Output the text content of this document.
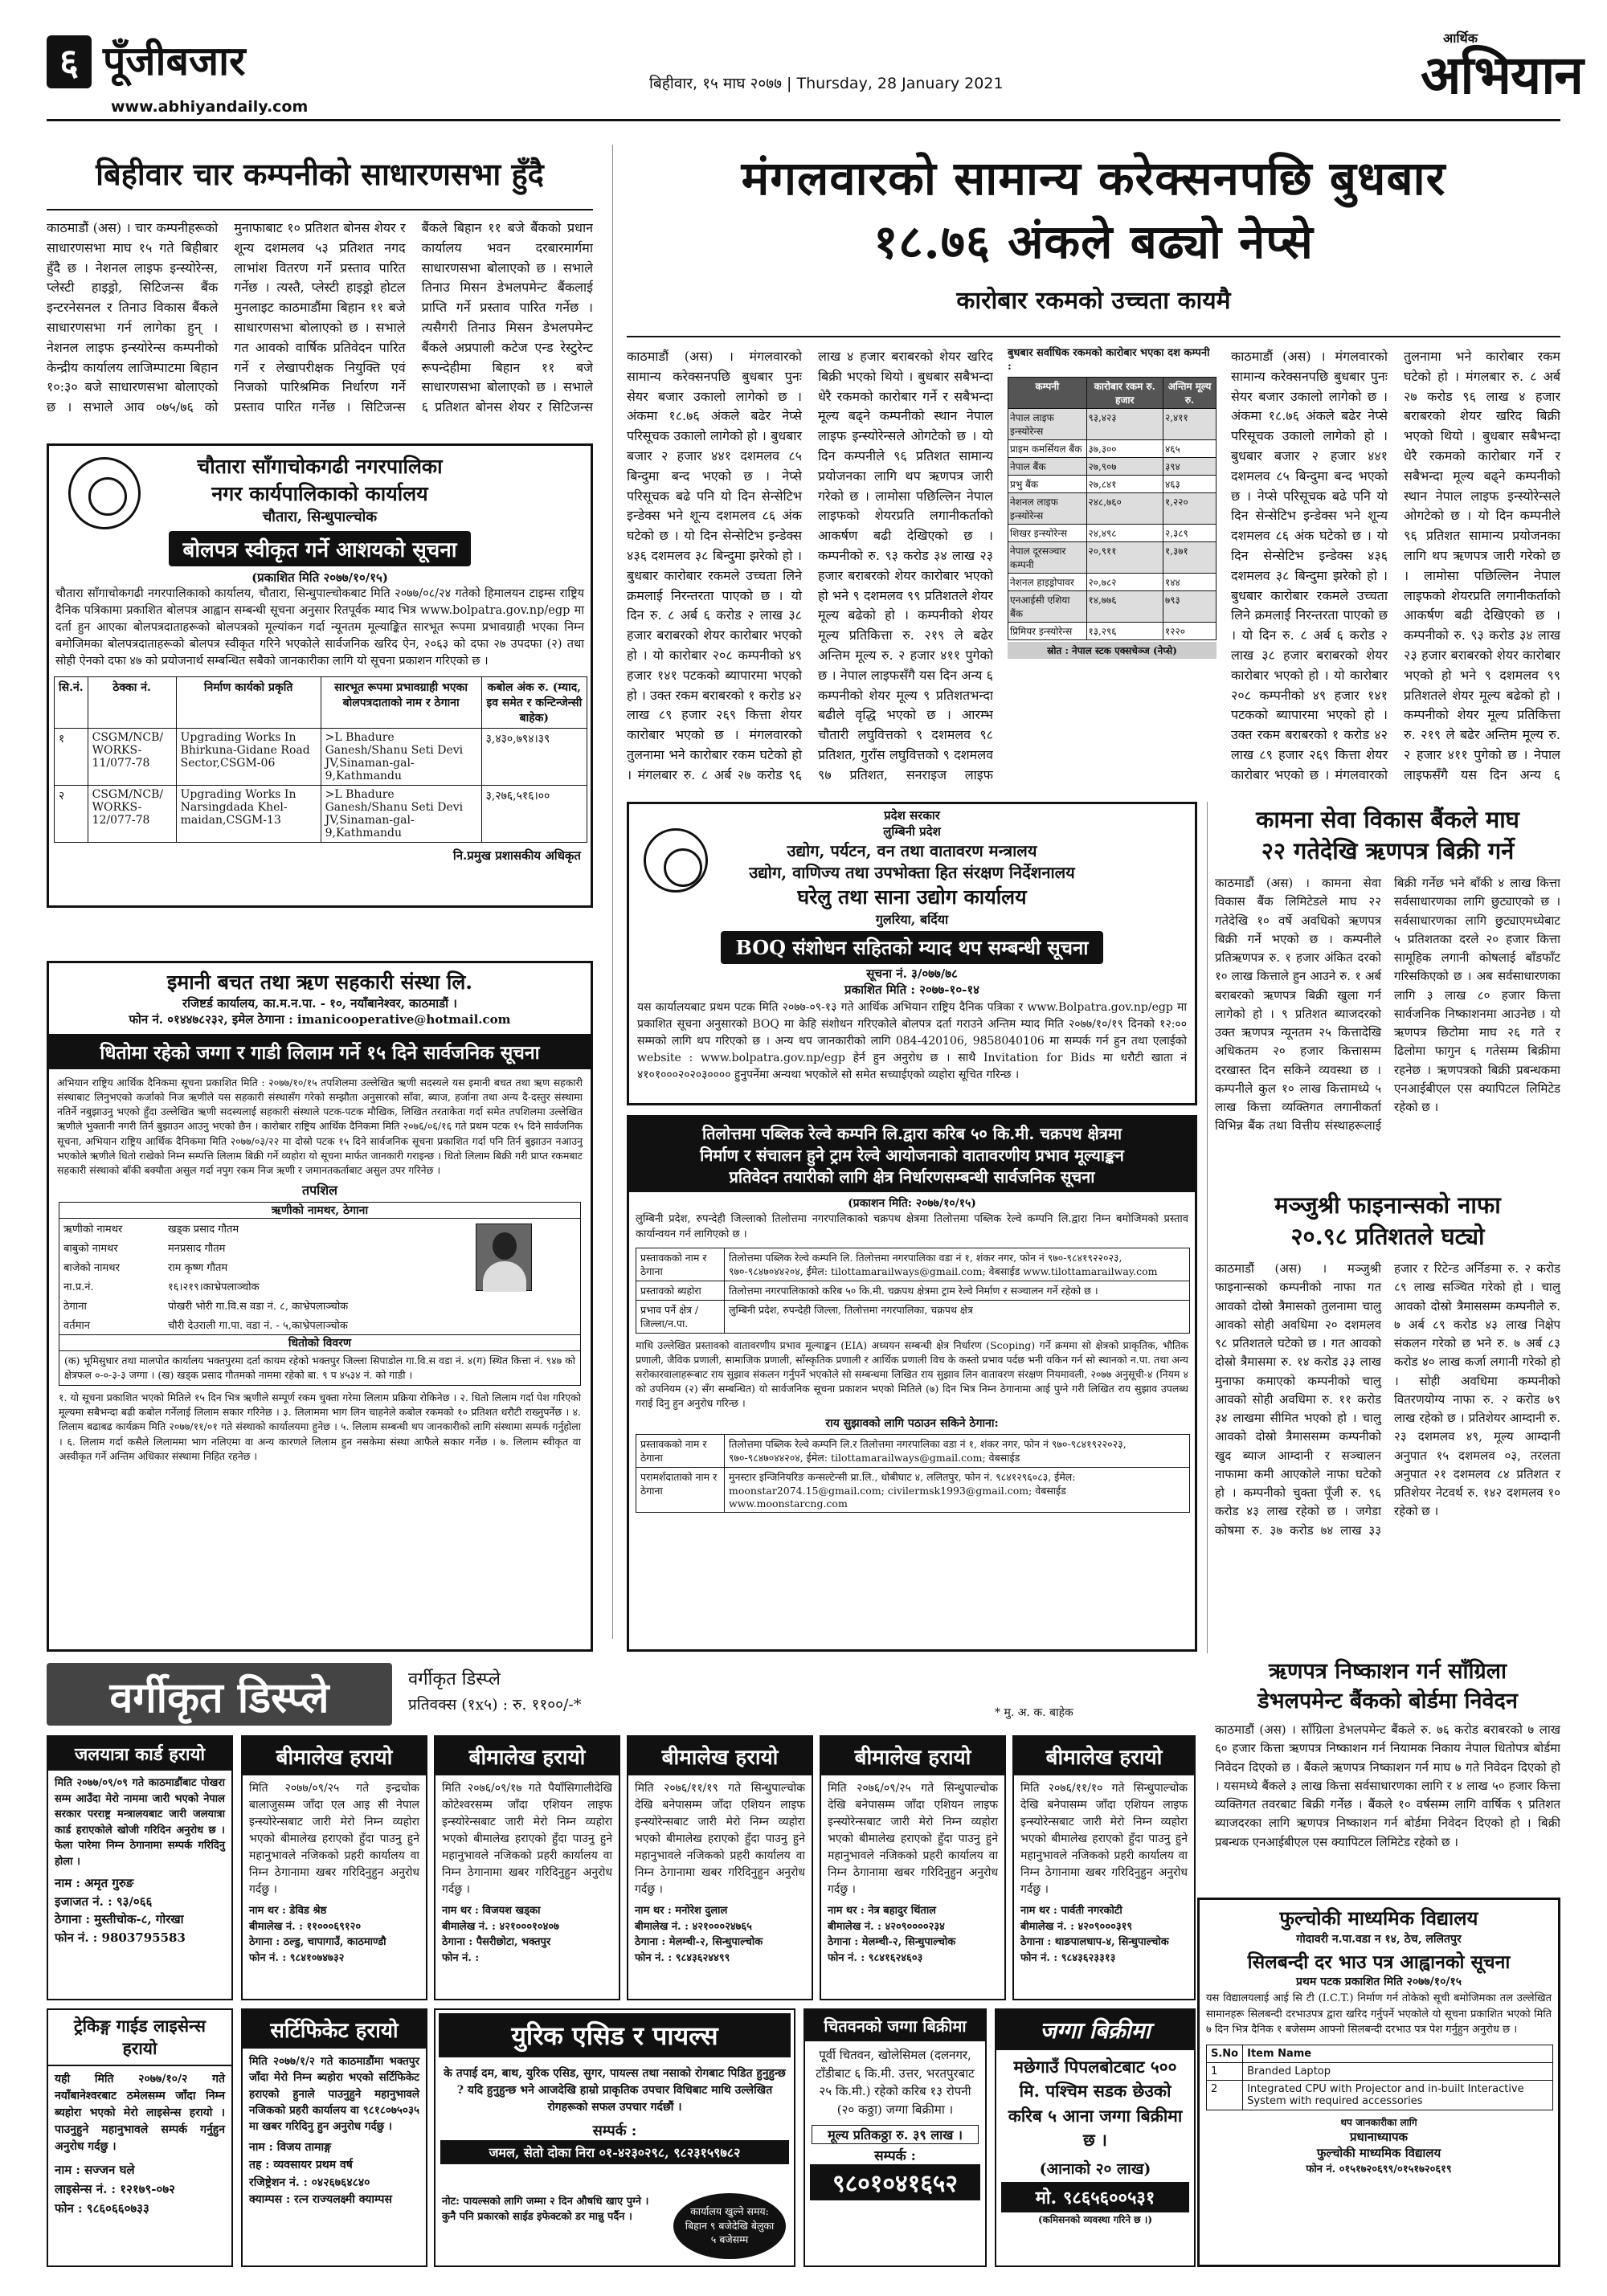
६ पूँजीबजार
www.abhiyandaily.com
बिहीवार, १५ माघ २०७७ | Thursday, 28 January 2021
आर्थिक
अभियान
बिहीवार चार कम्पनीको साधारणसभा हुँदै
काठमाडौं (अस) । चार कम्पनीहरूको साधारणसभा माघ १५ गते बिहीबार हुँदै छ । नेशनल लाइफ इन्स्योरेन्स, प्लेस्टी हाइड्रो, सिटिजन्स बैंक इन्टरनेसनल र तिनाउ विकास बैंकले साधारणसभा गर्न लागेका हुन् । नेशनल लाइफ इन्स्योरेन्स कम्पनीको केन्द्रीय कार्यालय लाजिम्पाटमा बिहान १०:३० बजे साधारणसभा बोलाएको छ । सभाले आव ०७५/७६ को मुनाफाबाट १० प्रतिशत बोनस शेयर र शून्य दशमलव ५३ प्रतिशत नगद लाभांश वितरण गर्ने प्रस्ताव पारित गर्नेछ । त्यस्तै, प्लेस्टी हाइड्रो होटल मुनलाइट काठमाडौंमा बिहान ११ बजे साधारणसभा बोलाएको छ । सभाले गत आवको वार्षिक प्रतिवेदन पारित गर्ने र लेखापरीक्षक नियुक्ति एवं निजको पारिश्रमिक निर्धारण गर्ने प्रस्ताव पारित गर्नेछ । सिटिजन्स बैंकले बिहान ११ बजे बैंकको प्रधान कार्यालय भवन दरबारमार्गमा साधारणसभा बोलाएको छ । सभाले तिनाउ मिसन डेभलपमेन्ट बैंकलाई प्राप्ति गर्ने प्रस्ताव पारित गर्नेछ । त्यसैगरी तिनाउ मिसन डेभलपमेन्ट बैंकले अप्रपाली कटेज एन्ड रेस्टुरेन्ट रूपन्देहीमा बिहान ११ बजे साधारणसभा बोलाएको छ । सभाले ६ प्रतिशत बोनस शेयर र सिटिजन्स
चौतारा साँगाचोकगढी नगरपालिका
नगर कार्यपालिकाको कार्यालय
चौतारा, सिन्धुपाल्चोक
बोलपत्र स्वीकृत गर्ने आशयको सूचना
(प्रकाशित मिति २०७७/१०/१५)
चौतारा साँगाचोकगढी नगरपालिकाको कार्यालय, चौतारा, सिन्धुपाल्चोकबाट मिति २०७७/०८/२४ गतेको हिमालयन टाइम्स राष्ट्रिय दैनिक पत्रिकामा प्रकाशित बोलपत्र आह्वान सम्बन्धी सूचना अनुसार रितपूर्वक म्याद भित्र www.bolpatra.gov.np/egp मा दर्ता हुन आएका बोलपत्रदाताहरूको बोलपत्रको मूल्यांकन गर्दा न्यूनतम मूल्याङ्कित सारभूत रूपमा प्रभावग्राही भएका निम्न बमोजिमका बोलपत्रदाताहरूको बोलपत्र स्वीकृत गरिने भएकोले सार्वजनिक खरिद ऐन, २०६३ को दफा २७ उपदफा (२) तथा सोही ऐनको दफा ४७ को प्रयोजनार्थ सम्बन्धित सबैको जानकारीका लागि यो सूचना प्रकाशन गरिएको छ ।
सि.नं.	ठेक्का नं.	निर्माण कार्यको प्रकृति	सारभूत रूपमा प्रभावग्राही भएका बोलपत्रदाताको नाम र ठेगाना	कबोल अंक रु. (म्याद, इव समेत र कन्टिन्जेन्सी बाहेक)
१	CSGM/NCB/ WORKS-11/077-78	Upgrading Works In Bhirkuna-Gidane Road Sector,CSGM-06	>L Bhadure Ganesh/Shanu Seti Devi JV,Sinaman-gal-9,Kathmandu	३,४३०,७९४।३९
२	CSGM/NCB/ WORKS-12/077-78	Upgrading Works In Narsingdada Khel-maidan,CSGM-13	>L Bhadure Ganesh/Shanu Seti Devi JV,Sinaman-gal-9,Kathmandu	३,२७६,५१६।००
नि.प्रमुख प्रशासकीय अधिकृत
इमानी बचत तथा ऋण सहकारी संस्था लि.
रजिष्टर्ड कार्यालय, का.म.न.पा. - १०, नयाँबानेश्वर, काठमाडौं ।
फोन नं. ०१४४७८२३२, इमेल ठेगाना : imanicooperative@hotmail.com
धितोमा रहेको जग्गा र गाडी लिलाम गर्ने १५ दिने सार्वजनिक सूचना
अभियान राष्ट्रिय आर्थिक दैनिकमा सूचना प्रकाशित मिति : २०७७/१०/१५ तपशिलमा उल्लेखित ऋणी सदस्यले यस इमानी बचत तथा ऋण सहकारी संस्थाबाट लिनुभएको कर्जाको निज ऋणीले यस सहकारी संस्थासँग गरेको सम्झौता अनुसारको साँवा, ब्याज, हर्जाना तथा अन्य दै-दस्तुर संस्थामा नतिर्ने नबुझाउनु भएको हुँदा उल्लेखित ऋणी सदस्यलाई सहकारी संस्थाले पटक-पटक मौखिक, लिखित तरताकेता गर्दा समेत तपशिलमा उल्लेखित ऋणीले भुक्तानी नगरी तिर्न बुझाउन आउनु भएको छैन । कारोबार राष्ट्रिय आर्थिक दैनिकमा मिति २०७६/०६/१६ गते प्रथम पटक १५ दिने सार्वजनिक सूचना, अभियान राष्ट्रिय आर्थिक दैनिकमा मिति २०७७/०३/२२ मा दोस्रो पटक १५ दिने सार्वजनिक सूचना प्रकाशित गर्दा पनि तिर्न बुझाउन नआउनु भएकोले ऋणीले धितो राखेको निम्न सम्पत्ति लिलाम बिक्री गर्ने व्यहोरा यो सूचना मार्फत जानकारी गराइन्छ । धितो लिलाम बिक्री गरी प्राप्त रकमबाट सहकारी संस्थाको बाँकी बक्यौता असुल गर्दा नपुग रकम निज ऋणी र जमानतकर्ताबाट असुल उपर गरिनेछ ।
तपशिल
ऋणीको नामथर, ठेगाना
ऋणीको नामथर	खड्क प्रसाद गौतम
बाबुको नामथर	मनप्रसाद गौतम
बाजेको नामथर	राम कृष्ण गौतम
ना.प्र.नं.	१६।२१९।काभ्रेपलाञ्चोक
ठेगाना	पोखरी भोरी गा.वि.स वडा नं. ८, काभ्रेपलाञ्चोक
वर्तमान	चौरी देउराली गा.पा. वडा नं. - ५,काभ्रेपलाञ्चोक
धितोको विवरण
(क) भूमिसुधार तथा मालपोत कार्यालय भक्तपुरमा दर्ता कायम रहेको भक्तपुर जिल्ला सिपाडोल गा.वि.स वडा नं. ४(ग) स्थित कित्ता नं. ९४७ को क्षेत्रफल ०-०-३-३ जग्गा । (ख) खड्क प्रसाद गौतमको नाममा रहेको बा. ९ प ४५३४ नं. को गाडी ।
१. यो सूचना प्रकाशित भएको मितिले १५ दिन भित्र ऋणीले सम्पूर्ण रकम चुक्ता गरेमा लिलाम प्रक्रिया रोकिनेछ । २. धितो लिलाम गर्दा पेश गरिएको मूल्यमा सबैभन्दा बढी कबोल गर्नेलाई लिलाम सकार गरिनेछ । ३. लिलाममा भाग लिन चाहनेले कबोल रकमको १० प्रतिशत धरौटी राख्नुपर्नेछ । ४. लिलाम बढाबढ कार्यक्रम मिति २०७७/११/०१ गते संस्थाको कार्यालयमा हुनेछ । ५. लिलाम सम्बन्धी थप जानकारीको लागि संस्थामा सम्पर्क गर्नुहोला । ६. लिलाम गर्दा कसैले लिलाममा भाग नलिएमा वा अन्य कारणले लिलाम हुन नसकेमा संस्था आफैले सकार गर्नेछ । ७. लिलाम स्वीकृत वा अस्वीकृत गर्ने अन्तिम अधिकार संस्थामा निहित रहनेछ ।
मंगलवारको सामान्य करेक्सनपछि बुधबार
१८.७६ अंकले बढ्यो नेप्से
कारोबार रकमको उच्चता कायमै
काठमाडौं (अस) । मंगलवारको सामान्य करेक्सनपछि बुधबार पुनः सेयर बजार उकालो लागेको छ । अंकमा १८.७६ अंकले बढेर नेप्से परिसूचक उकालो लागेको हो । बुधबार बजार २ हजार ४४१ दशमलव ८५ बिन्दुमा बन्द भएको छ । नेप्से परिसूचक बढे पनि यो दिन सेन्सेटिभ इन्डेक्स भने शून्य दशमलव ८६ अंक घटेको छ । यो दिन सेन्सेटिभ इन्डेक्स ४३६ दशमलव ३८ बिन्दुमा झरेको हो । बुधबार कारोबार रकमले उच्चता लिने क्रमलाई निरन्तरता पाएको छ । यो दिन रु. ८ अर्ब ६ करोड २ लाख ३८ हजार बराबरको शेयर कारोबार भएको हो । यो कारोबार २०८ कम्पनीको ४९ हजार १४१ पटकको ब्यापारमा भएको हो । उक्त रकम बराबरको १ करोड ४२ लाख ८९ हजार २६९ कित्ता शेयर कारोबार भएको छ । मंगलवारको तुलनामा भने कारोबार रकम घटेको हो । मंगलबार रु. ८ अर्ब २७ करोड ९६ लाख ४ हजार बराबरको शेयर खरिद बिक्री भएको थियो । बुधबार सबैभन्दा धेरै रकमको कारोबार गर्ने र सबैभन्दा मूल्य बढ्ने कम्पनीको स्थान नेपाल लाइफ इन्स्योरेन्सले ओगटेको छ । यो दिन कम्पनीले ९६ प्रतिशत सामान्य प्रयोजनका लागि थप ऋणपत्र जारी गरेको छ । लामोसा पछिल्लिन नेपाल लाइफको शेयरप्रति लगानीकर्ताको आकर्षण बढी देखिएको छ । कम्पनीको रु. ९३ करोड ३४ लाख २३ हजार बराबरको शेयर कारोबार भएको हो भने ९ दशमलव ९९ प्रतिशतले शेयर मूल्य बढेको हो । कम्पनीको शेयर मूल्य प्रतिकित्ता रु. २१९ ले बढेर अन्तिम मूल्य रु. २ हजार ४११ पुगेको छ । नेपाल लाइफसँगै यस दिन अन्य ६ कम्पनीको शेयर मूल्य ९ प्रतिशतभन्दा बढीले वृद्धि भएको छ । आरम्भ चौतारी लघुवित्तको ९ दशमलव ९८ प्रतिशत, गुराँस लघुवित्तको ९ दशमलव ९७ प्रतिशत, सनराइज लाइफ
बुधबार सर्वाधिक रकमको कारोबार भएका दश कम्पनी :
कम्पनी	कारोबार रकम रु. हजार	अन्तिम मूल्य रु.
नेपाल लाइफ इन्स्योरेन्स	९३,४२३	२,४११
प्राइम कमर्सियल बैंक	३७,३००	४६५
नेपाल बैंक	२७,९०७	३९४
प्रभु बैंक	२७,८४१	४६३
नेशनल लाइफ इन्स्योरेन्स	२४८,७६०	१,२२०
शिखर इन्स्योरेन्स	२४,४९८	२,३८९
नेपाल दूरसञ्चार कम्पनी	२०,९११	१,३७१
नेशनल हाइड्रोपावर	२०,७८२	१४४
एनआईसी एशिया बैंक	१४,७७६	७९३
प्रिमियर इन्स्योरेन्स	१३,२९६	१२२०
स्रोत : नेपाल स्टक एक्सचेञ्ज (नेप्से)
काठमाडौं (अस) । मंगलवारको सामान्य करेक्सनपछि बुधबार पुनः सेयर बजार उकालो लागेको छ । अंकमा १८.७६ अंकले बढेर नेप्से परिसूचक उकालो लागेको हो । बुधबार बजार २ हजार ४४१ दशमलव ८५ बिन्दुमा बन्द भएको छ । नेप्से परिसूचक बढे पनि यो दिन सेन्सेटिभ इन्डेक्स भने शून्य दशमलव ८६ अंक घटेको छ । यो दिन सेन्सेटिभ इन्डेक्स ४३६ दशमलव ३८ बिन्दुमा झरेको हो । बुधबार कारोबार रकमले उच्चता लिने क्रमलाई निरन्तरता पाएको छ । यो दिन रु. ८ अर्ब ६ करोड २ लाख ३८ हजार बराबरको शेयर कारोबार भएको हो । यो कारोबार २०८ कम्पनीको ४९ हजार १४१ पटकको ब्यापारमा भएको हो । उक्त रकम बराबरको १ करोड ४२ लाख ८९ हजार २६९ कित्ता शेयर कारोबार भएको छ । मंगलवारको तुलनामा भने कारोबार रकम घटेको हो । मंगलबार रु. ८ अर्ब २७ करोड ९६ लाख ४ हजार बराबरको शेयर खरिद बिक्री भएको थियो । बुधबार सबैभन्दा धेरै रकमको कारोबार गर्ने र सबैभन्दा मूल्य बढ्ने कम्पनीको स्थान नेपाल लाइफ इन्स्योरेन्सले ओगटेको छ । यो दिन कम्पनीले ९६ प्रतिशत सामान्य प्रयोजनका लागि थप ऋणपत्र जारी गरेको छ । लामोसा पछिल्लिन नेपाल लाइफको शेयरप्रति लगानीकर्ताको आकर्षण बढी देखिएको छ । कम्पनीको रु. ९३ करोड ३४ लाख २३ हजार बराबरको शेयर कारोबार भएको हो भने ९ दशमलव ९९ प्रतिशतले शेयर मूल्य बढेको हो । कम्पनीको शेयर मूल्य प्रतिकित्ता रु. २१९ ले बढेर अन्तिम मूल्य रु. २ हजार ४११ पुगेको छ । नेपाल लाइफसँगै यस दिन अन्य ६
प्रदेश सरकार
लुम्बिनी प्रदेश
उद्योग, पर्यटन, वन तथा वातावरण मन्त्रालय
उद्योग, वाणिज्य तथा उपभोक्ता हित संरक्षण निर्देशनालय
घरेलु तथा साना उद्योग कार्यालय
गुलरिया, बर्दिया
BOQ संशोधन सहितको म्याद थप सम्बन्धी सूचना
सूचना नं. ३/०७७/७८
प्रकाशित मिति : २०७७-१०-१४
यस कार्यालयबाट प्रथम पटक मिति २०७७-०९-१३ गते आर्थिक अभियान राष्ट्रिय दैनिक पत्रिका र www.Bolpatra.gov.np/egp मा प्रकाशित सूचना अनुसारको BOQ मा केहि संशोधन गरिएकोले बोलपत्र दर्ता गराउने अन्तिम म्याद मिति २०७७/१०/१९ दिनको १२:०० सम्मको लागि थप गरिएको छ । अन्य थप जानकारीको लागि 084-420106, 9858040106 मा सम्पर्क गर्न हुन तथा एलाईको website : www.bolpatra.gov.np/egp हेर्न हुन अनुरोध छ । साथै Invitation for Bids मा धरौटी खाता नं ४१०१०००२०२०३०००० हुनुपर्नेमा अन्यथा भएकोले सो समेत सच्याईएको व्यहोरा सूचित गरिन्छ ।
तिलोत्तमा पब्लिक रेल्वे कम्पनि लि.द्वारा करिब ५० कि.मी. चक्रपथ क्षेत्रमा
निर्माण र संचालन हुने ट्राम रेल्वे आयोजनाको वातावरणीय प्रभाव मूल्याङ्कन
प्रतिवेदन तयारीको लागि क्षेत्र निर्धारणसम्बन्धी सार्वजनिक सूचना
(प्रकाशन मिति: २०७७/१०/१५)
लुम्बिनी प्रदेश, रुपन्देही जिल्लाको तिलोत्तमा नगरपालिकाको चक्रपथ क्षेत्रमा तिलोत्तमा पब्लिक रेल्वे कम्पनि लि.द्वारा निम्न बमोजिमको प्रस्ताव कार्यान्वयन गर्न लागिएको छ ।
प्रस्तावकको नाम र ठेगाना	तिलोत्तमा पब्लिक रेल्वे कम्पनि लि. तिलोत्तमा नगरपालिका वडा नं १, शंकर नगर, फोन नं ९७०-९८४१९२२०२३, ९७०-९८४७०४४२०४, ईमेल: tilottamarailways@gmail.com; वेबसाईड www.tilottamarailway.com
प्रस्तावको ब्यहोरा	तिलोत्तमा नगरपालिकाको करिब ५० कि.मी. चक्रपथ क्षेत्रमा ट्राम रेल्वे निर्माण र सञ्चालन गर्ने रहेको छ ।
प्रभाव पर्ने क्षेत्र /जिल्ला/न.पा.	लुम्बिनी प्रदेश, रुपन्देही जिल्ला, तिलोत्तमा नगरपालिका, चक्रपथ क्षेत्र
माथि उल्लेखित प्रस्तावको वातावरणीय प्रभाव मूल्याङ्कन (EIA) अध्ययन सम्बन्धी क्षेत्र निर्धारण (Scoping) गर्ने क्रममा सो क्षेत्रको प्राकृतिक, भौतिक प्रणाली, जैविक प्रणाली, सामाजिक प्रणाली, साँस्कृतिक प्रणाली र आर्थिक प्रणाली विच के कस्तो प्रभाव पर्दछ भनी यकिन गर्न सो स्थानको न.पा. तथा अन्य सरोकारवालाहरूबाट राय सुझाव संकलन गर्नुपर्ने भएकोले सो सम्बन्धमा लिखित राय सुझाव लिन वातावरण संरक्षण नियमावली, २०७७ अनुसूची-४ (नियम ४ को उपनियम (२) सँग सम्बन्धित) यो सार्वजनिक सूचना प्रकाशन भएको मितिले (७) दिन भित्र निम्न ठेगानामा आई पुग्ने गरी लिखित राय सुझाव उपलब्ध गराई दिनु हुन अनुरोध गरिन्छ ।
राय सुझावको लागि पठाउन सकिने ठेगाना:
प्रस्तावकको नाम र ठेगाना	तिलोत्तमा पब्लिक रेल्वे कम्पनि लि.र तिलोत्तमा नगरपालिका वडा नं १, शंकर नगर, फोन नं ९७०-९८४१९२२०२३, ९७०-९८४७०४४२०४, ईमेल: tilottamarailways@gmail.com; वेबसाईड
परामर्शदाताको नाम र ठेगाना	मुनस्टार इन्जिनियरिङ कन्सल्टेन्सी प्रा.लि., धोबीघाट ४, ललितपुर, फोन नं. ९८४१२९६०८३, ईमेल: moonstar2074.15@gmail.com; civilermsk1993@gmail.com; वेबसाईड www.moonstarcng.com
कामना सेवा विकास बैंकले माघ
२२ गतेदेखि ऋणपत्र बिक्री गर्ने
काठमाडौं (अस) । कामना सेवा विकास बैंक लिमिटेडले माघ २२ गतेदेखि १० वर्षे अवधिको ऋणपत्र बिक्री गर्ने भएको छ । कम्पनीले प्रतिऋणपत्र रु. १ हजार अंकित दरको १० लाख कित्ताले हुन आउने रु. १ अर्ब बराबरको ऋणपत्र बिक्री खुला गर्न लागेको हो । ९ प्रतिशत ब्याजदरको उक्त ऋणपत्र न्यूनतम २५ कित्तादेखि अधिकतम २० हजार कित्तासम्म दरखास्त दिन सकिने व्यवस्था छ । कम्पनीले कुल १० लाख कित्तामध्ये ५ लाख कित्ता व्यक्तिगत लगानीकर्ता विभिन्न बैंक तथा वित्तीय संस्थाहरूलाई बिक्री गर्नेछ भने बाँकी ४ लाख कित्ता सर्वसाधारणका लागि छुट्याएको छ । सर्वसाधारणका लागि छुट्याएमध्येबाट ५ प्रतिशतका दरले २० हजार कित्ता सामूहिक लगानी कोषलाई बाँडफाँट गरिसकिएको छ । अब सर्वसाधारणका लागि ३ लाख ८० हजार कित्ता सार्वजनिक निष्काशनमा आउनेछ । यो ऋणपत्र छिटोमा माघ २६ गते र ढिलोमा फागुन ६ गतेसम्म बिक्रीमा रहनेछ । ऋणपत्रको बिक्री प्रबन्धकमा एनआईबीएल एस क्यापिटल लिमिटेड रहेको छ ।
मञ्जुश्री फाइनान्सको नाफा
२०.९८ प्रतिशतले घट्यो
काठमाडौं (अस) । मञ्जुश्री फाइनान्सको कम्पनीको नाफा गत आवको दोस्रो त्रैमासको तुलनामा चालु आवको सोही अवधिमा २० दशमलव ९८ प्रतिशतले घटेको छ । गत आवको दोस्रो त्रैमासमा रु. १४ करोड ३३ लाख मुनाफा कमाएको कम्पनीको चालु आवको सोही अवधिमा रु. ११ करोड ३४ लाखमा सीमित भएको हो । चालु आवको दोस्रो त्रैमाससम्म कम्पनीको खुद ब्याज आम्दानी र सञ्चालन नाफामा कमी आएकोले नाफा घटेको हो । कम्पनीको चुक्ता पूँजी रु. ९६ करोड ४३ लाख रहेको छ । जगेडा कोषमा रु. ३७ करोड ७४ लाख ३३ हजार र रिटेन्ड अर्निङमा रु. २ करोड ८९ लाख सञ्चित गरेको हो । चालु आवको दोस्रो त्रैमाससम्म कम्पनीले रु. ७ अर्ब ८९ करोड ४३ लाख निक्षेप संकलन गरेको छ भने रु. ७ अर्ब ८३ करोड ४० लाख कर्जा लगानी गरेको हो । सोही अवधिमा कम्पनीको वितरणयोग्य नाफा रु. २ करोड ७९ लाख रहेको छ । प्रतिशेयर आम्दानी रु. २३ दशमलव ४९, मूल्य आम्दानी अनुपात १५ दशमलव ०३, तरलता अनुपात २१ दशमलव ८४ प्रतिशत र प्रतिशेयर नेटवर्थ रु. १४२ दशमलव १० रहेको छ ।
ऋणपत्र निष्काशन गर्न साँग्रिला
डेभलपमेन्ट बैंकको बोर्डमा निवेदन
काठमाडौं (अस) । साँग्रिला डेभलपमेन्ट बैंकले रु. ७६ करोड बराबरको ७ लाख ६० हजार कित्ता ऋणपत्र निष्काशन गर्न नियामक निकाय नेपाल धितोपत्र बोर्डमा निवेदन दिएको छ । बैंकले ऋणपत्र निष्काशन गर्न माघ ७ गते निवेदन दिएको हो । यसमध्ये बैंकले ३ लाख कित्ता सर्वसाधारणका लागि र ४ लाख ५० हजार कित्ता व्यक्तिगत तवरबाट बिक्री गर्नेछ । बैंकले १० वर्षसम्म लागि वार्षिक ९ प्रतिशत ब्याजदरका लागि ऋणपत्र निष्काशन गर्न बोर्डमा निवेदन दिएको हो । बिक्री प्रबन्धक एनआईबीएल एस क्यापिटल लिमिटेड रहेको छ ।
फुल्चोकी माध्यमिक विद्यालय
गोदावरी न.पा.वडा न १४, ठेच, ललितपुर
सिलबन्दी दर भाउ पत्र आह्वानको सूचना
प्रथम पटक प्रकाशित मिति २०७७/१०/१५
यस विद्यालयलाई आई सि टी (I.C.T.) निर्माण गर्न तोकेको सूची बमोजिमका तल उल्लेखित सामानहरू सिलबन्दी दरभाउपत्र द्वारा खरिद गर्नुपर्ने भएकोले यो सूचना प्रकाशित भएको मिति ७ दिन भित्र दैनिक १ बजेसम्म आफ्नो सिलबन्दी दरभाउ पत्र पेश गर्नुहुन अनुरोध छ ।
S.No	Item Name
1	Branded Laptop
2	Integrated CPU with Projector and in-built Interactive System with required accessories
थप जानकारीका लागि
प्रधानाध्यापक
फुल्चोकी माध्यमिक विद्यालय
फोन नं. ०१५१७२०६९९/०१५१७२०६१९
वर्गीकृत डिस्प्ले	वर्गीकृत डिस्प्ले
प्रतिवक्स (१x५) : रु. ११००/-*	* मु. अ. क. बाहेक
जलयात्रा कार्ड हरायो
मिति २०७७/०९/०९ गते काठमाडौंबाट पोखरा सम्म आउँदा मेरो नाममा जारी भएको नेपाल सरकार परराष्ट्र मन्त्रालयबाट जारी जलयात्रा कार्ड हराएकोले खोजी गरिदिन अनुरोध छ । फेला पारेमा निम्न ठेगानामा सम्पर्क गरिदिनु होला ।
नाम : अमृत गुरुङ
इजाजत नं. : ९३/०६६
ठेगाना : मुस्तीचोक-८, गोरखा
फोन नं. : 9803795583
बीमालेख हरायो
मिति २०७७/०९/२५ गते इन्द्रचोक बालाजुसम्म जाँदा एल आइ सी नेपाल इन्स्योरेन्सबाट जारी मेरो निम्न व्यहोरा भएको बीमालेख हराएको हुँदा पाउनु हुने महानुभावले नजिकको प्रहरी कार्यालय वा निम्न ठेगानामा खबर गरिदिनुहुन अनुरोध गर्दछु ।
नाम थर : डेविड श्रेष्ठ
बीमालेख नं. : ११०००६९१२०
ठेगाना : ठल्डु, चापागाउँ, काठमाण्डौ
फोन नं. : ९८४१०७४७३२
बीमालेख हरायो
मिति २०७६/०९/१७ गते पैयाँसिगालीदेखि कोटेश्वरसम्म जाँदा एशियन लाइफ इन्स्योरेन्सबाट जारी मेरो निम्न व्यहोरा भएको बीमालेख हराएको हुँदा पाउनु हुने महानुभावले नजिकको प्रहरी कार्यालय वा निम्न ठेगानामा खबर गरिदिनुहुन अनुरोध गर्दछु ।
नाम थर : विजयश खड्का
बीमालेख नं. : ४२१०००१०४०७
ठेगाना : पैसरीछोटा, भक्तपुर
फोन नं. :
बीमालेख हरायो
मिति २०७६/११/१९ गते सिन्धुपाल्चोक देखि बनेपासम्म जाँदा एशियन लाइफ इन्स्योरेन्सबाट जारी मेरो निम्न व्यहोरा भएको बीमालेख हराएको हुँदा पाउनु हुने महानुभावले नजिकको प्रहरी कार्यालय वा निम्न ठेगानामा खबर गरिदिनुहुन अनुरोध गर्दछु ।
नाम थर : मनोरेश दुलाल
बीमालेख नं. : ४२१०००२४७६५
ठेगाना : मेलम्ची-२, सिन्धुपाल्चोक
फोन नं. : ९८४३६२४४९९
बीमालेख हरायो
मिति २०७६/०९/२५ गते सिन्धुपाल्चोक देखि बनेपासम्म जाँदा एशियन लाइफ इन्स्योरेन्सबाट जारी मेरो निम्न व्यहोरा भएको बीमालेख हराएको हुँदा पाउनु हुने महानुभावले नजिकको प्रहरी कार्यालय वा निम्न ठेगानामा खबर गरिदिनुहुन अनुरोध गर्दछु ।
नाम थर : नेत्र बहादुर थिंताल
बीमालेख नं. : ४२०९००००२३४
ठेगाना : मेलम्ची-२, सिन्धुपाल्चोक
फोन नं. : ९८४१६२४६०३
बीमालेख हरायो
मिति २०७६/११/१० गते सिन्धुपाल्चोक देखि बनेपासम्म जाँदा एशियन लाइफ इन्स्योरेन्सबाट जारी मेरो निम्न व्यहोरा भएको बीमालेख हराएको हुँदा पाउनु हुने महानुभावले नजिकको प्रहरी कार्यालय वा निम्न ठेगानामा खबर गरिदिनुहुन अनुरोध गर्दछु ।
नाम थर : पार्वती नगरकोटी
बीमालेख नं. : ४२०९०००३१९
ठेगाना : थाङपालधाप-४, सिन्धुपाल्चोक
फोन नं. : ९८४३६२३३१३
ट्रेकिङ्ग गाईड लाइसेन्स हरायो
यही मिति २०७७/१०/२ गते नयाँबानेश्वरबाट ठमेलसम्म जाँदा निम्न ब्यहोरा भएको मेरो लाइसेन्स हरायो । पाउनुहुने महानुभावले सम्पर्क गर्नुहुन अनुरोध गर्दछु ।
नाम : सज्जन घले
लाइसेन्स नं. : १२१७९-०७२
फोन : ९८६०६६०७३३
सर्टिफिकेट हरायो
मिति २०७७/१/२ गते काठमाडौंमा भक्तपुर जाँदा मेरो निम्न ब्यहोरा भएको सर्टिफिकेट हराएको हुनाले पाउनुहुने महानुभावले नजिकको प्रहरी कार्यालय वा ९८१८०७५०३५ मा खबर गरिदिनु हुन अनुरोध गर्दछु ।
नाम : विजय तामाङ्ग
तह : व्यवसायर प्रथम वर्ष
रजिष्ट्रेशन नं. : ०४२६७६४८४०
क्याम्पस : रत्न राज्यलक्ष्मी क्याम्पस
युरिक एसिड र पायल्स
के तपाई दम, बाथ, युरिक एसिड, सुगर, पायल्स तथा नसाको रोगबाट पिडित हुनुहुन्छ ? यदि हुनुहुन्छ भने आजदेखि हाम्रो प्राकृतिक उपचार विधिबाट माथि उल्लेखित रोगहरूको सफल उपचार गर्दछौं ।
सम्पर्क :
जमल, सेतो दोका निरा ०१-४२३०२९८, ९८२३१५९७८२
नोट: पायल्सको लागि जम्मा २ दिन औषधि खाए पुग्ने । कुनै पनि प्रकारको साईड इफेक्टको डर मान्नु पर्दैन ।	कार्यालय खुल्ने समय: बिहान ९ बजेदेखि बेलुका ५ बजेसम्म
चितवनको जग्गा बिक्रीमा
पूर्वी चितवन, खोलेसिमल (दलनगर, टाँडीबाट ६ कि.मी. उत्तर, भरतपुरबाट २५ कि.मी.) रहेको करिब १३ रोपनी (२० कठ्ठा) जग्गा बिक्रीमा ।
मूल्य प्रतिकठ्ठा रु. ३९ लाख ।
सम्पर्क :
९८०१०४१६५२
जग्गा बिक्रीमा
मछेगाउँ पिपलबोटबाट ५०० मि. पश्चिम सडक छेउको करिब ५ आना जग्गा बिक्रीमा छ ।
(आनाको २० लाख)
मो. ९८६५६००५३१
(कमिसनको व्यवस्था गरिने छ ।)
